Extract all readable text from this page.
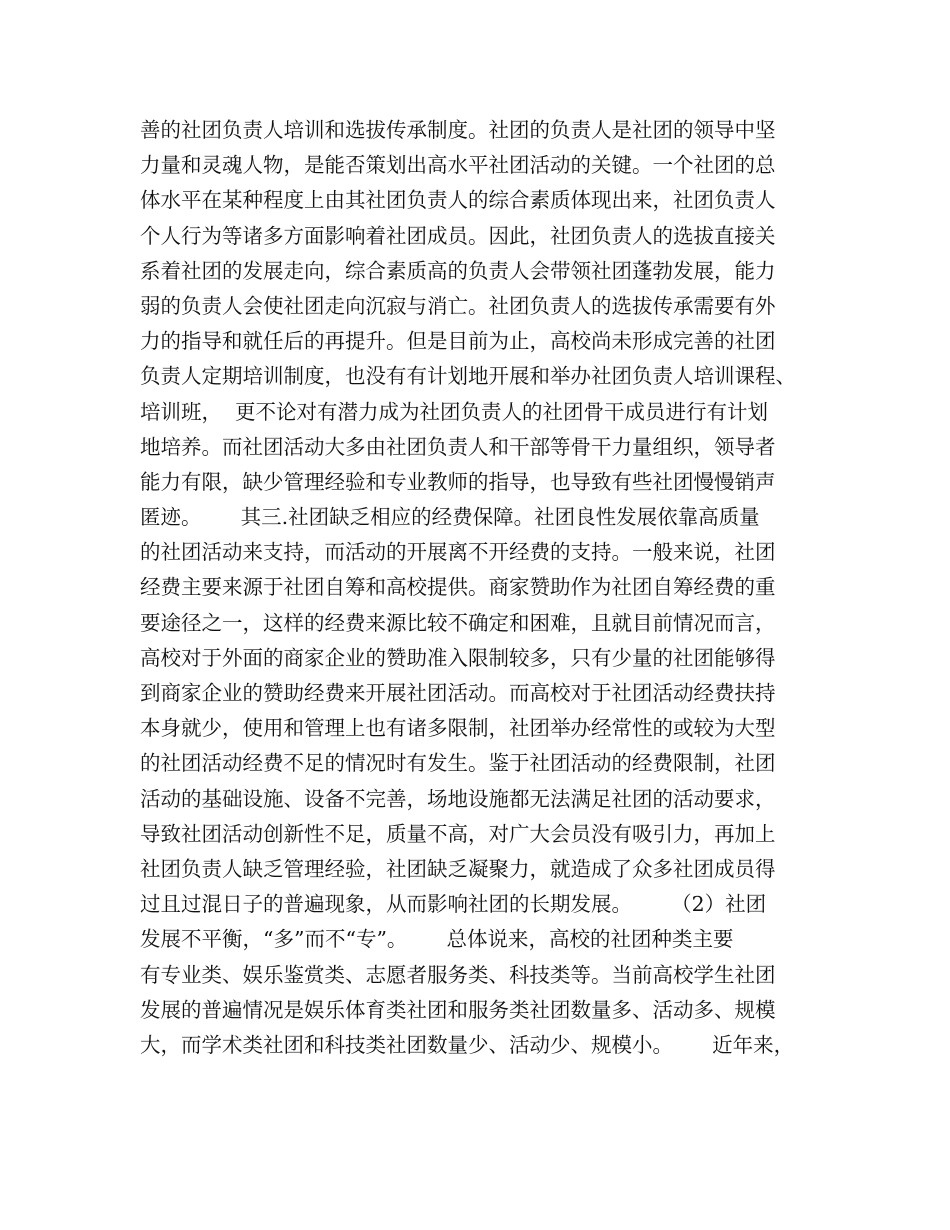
善的社团负责人培训和选拔传承制度。社团的负责人是社团的领导中坚
力量和灵魂人物，是能否策划出高水平社团活动的关键。一个社团的总
体水平在某种程度上由其社团负责人的综合素质体现出来，社团负责人
个人行为等诸多方面影响着社团成员。因此，社团负责人的选拔直接关
系着社团的发展走向，综合素质高的负责人会带领社团蓬勃发展，能力
弱的负责人会使社团走向沉寂与消亡。社团负责人的选拔传承需要有外
力的指导和就任后的再提升。但是目前为止，高校尚未形成完善的社团
负责人定期培训制度，也没有有计划地开展和举办社团负责人培训课程、
培训班，  更不论对有潜力成为社团负责人的社团骨干成员进行有计划
地培养。而社团活动大多由社团负责人和干部等骨干力量组织，领导者
能力有限，缺少管理经验和专业教师的指导，也导致有些社团慢慢销声
匿迹。      其三.社团缺乏相应的经费保障。社团良性发展依靠高质量
的社团活动来支持，而活动的开展离不开经费的支持。一般来说，社团
经费主要来源于社团自筹和高校提供。商家赞助作为社团自筹经费的重
要途径之一，这样的经费来源比较不确定和困难，且就目前情况而言，
高校对于外面的商家企业的赞助准入限制较多，只有少量的社团能够得
到商家企业的赞助经费来开展社团活动。而高校对于社团活动经费扶持
本身就少，使用和管理上也有诸多限制，社团举办经常性的或较为大型
的社团活动经费不足的情况时有发生。鉴于社团活动的经费限制，社团
活动的基础设施、设备不完善，场地设施都无法满足社团的活动要求，
导致社团活动创新性不足，质量不高，对广大会员没有吸引力，再加上
社团负责人缺乏管理经验，社团缺乏凝聚力，就造成了众多社团成员得
过且过混日子的普遍现象，从而影响社团的长期发展。      （2）社团
发展不平衡，“多”而不“专”。      总体说来，高校的社团种类主要
有专业类、娱乐鉴赏类、志愿者服务类、科技类等。当前高校学生社团
发展的普遍情况是娱乐体育类社团和服务类社团数量多、活动多、规模
大，而学术类社团和科技类社团数量少、活动少、规模小。      近年来，
